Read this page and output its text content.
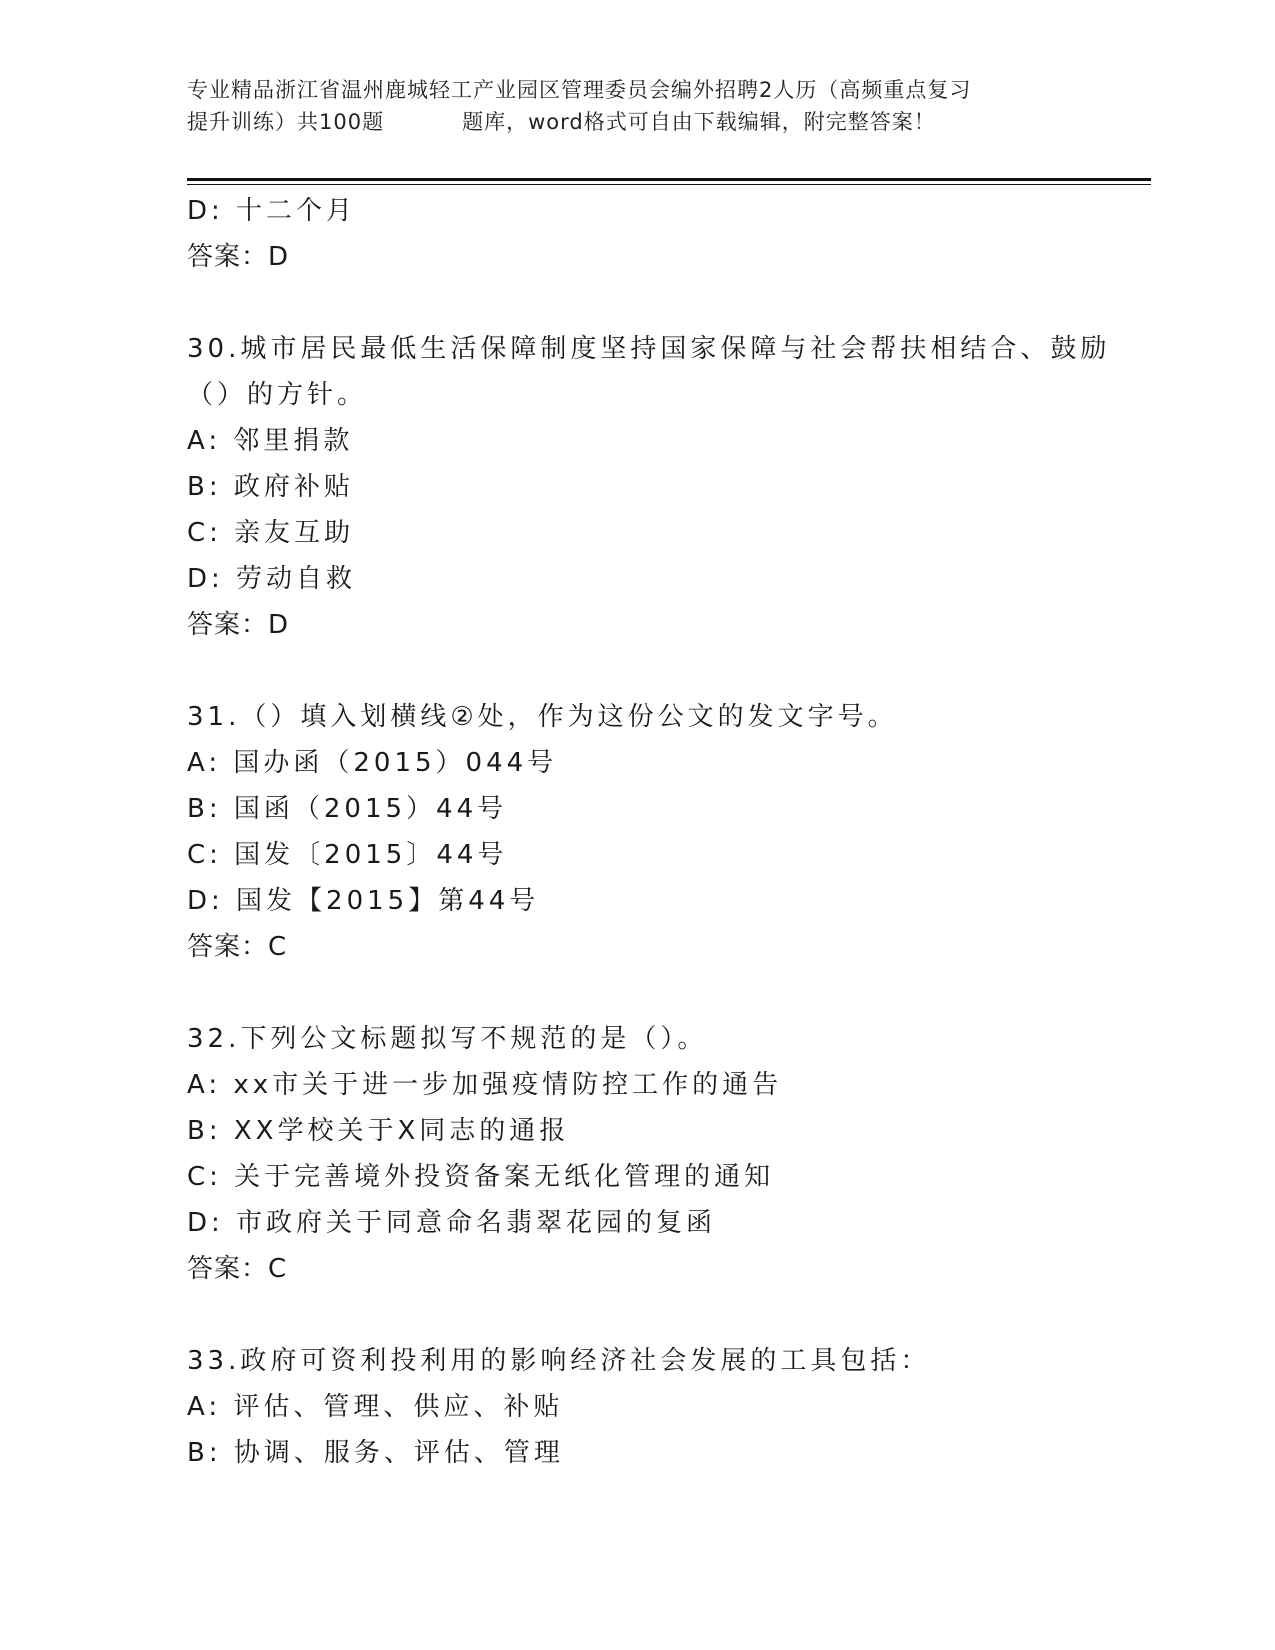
专业精品浙江省温州鹿城轻工产业园区管理委员会编外招聘2人历（高频重点复习
提升训练）共100题	题库，word格式可自由下载编辑，附完整答案！
D: 十二个月
答案：D
30.城市居民最低生活保障制度坚持国家保障与社会帮扶相结合、鼓励
（）的方针。
A: 邻里捐款
B: 政府补贴
C: 亲友互助
D: 劳动自救
答案：D
31.（）填入划横线②处，作为这份公文的发文字号。
A: 国办函（2015）044号
B: 国函（2015）44号
C: 国发〔2015〕44号
D: 国发【2015】第44号
答案：C
32.下列公文标题拟写不规范的是（）。
A: xx市关于进一步加强疫情防控工作的通告
B: XX学校关于X同志的通报
C: 关于完善境外投资备案无纸化管理的通知
D: 市政府关于同意命名翡翠花园的复函
答案：C
33.政府可资利投利用的影响经济社会发展的工具包括：
A: 评估、管理、供应、补贴
B: 协调、服务、评估、管理
